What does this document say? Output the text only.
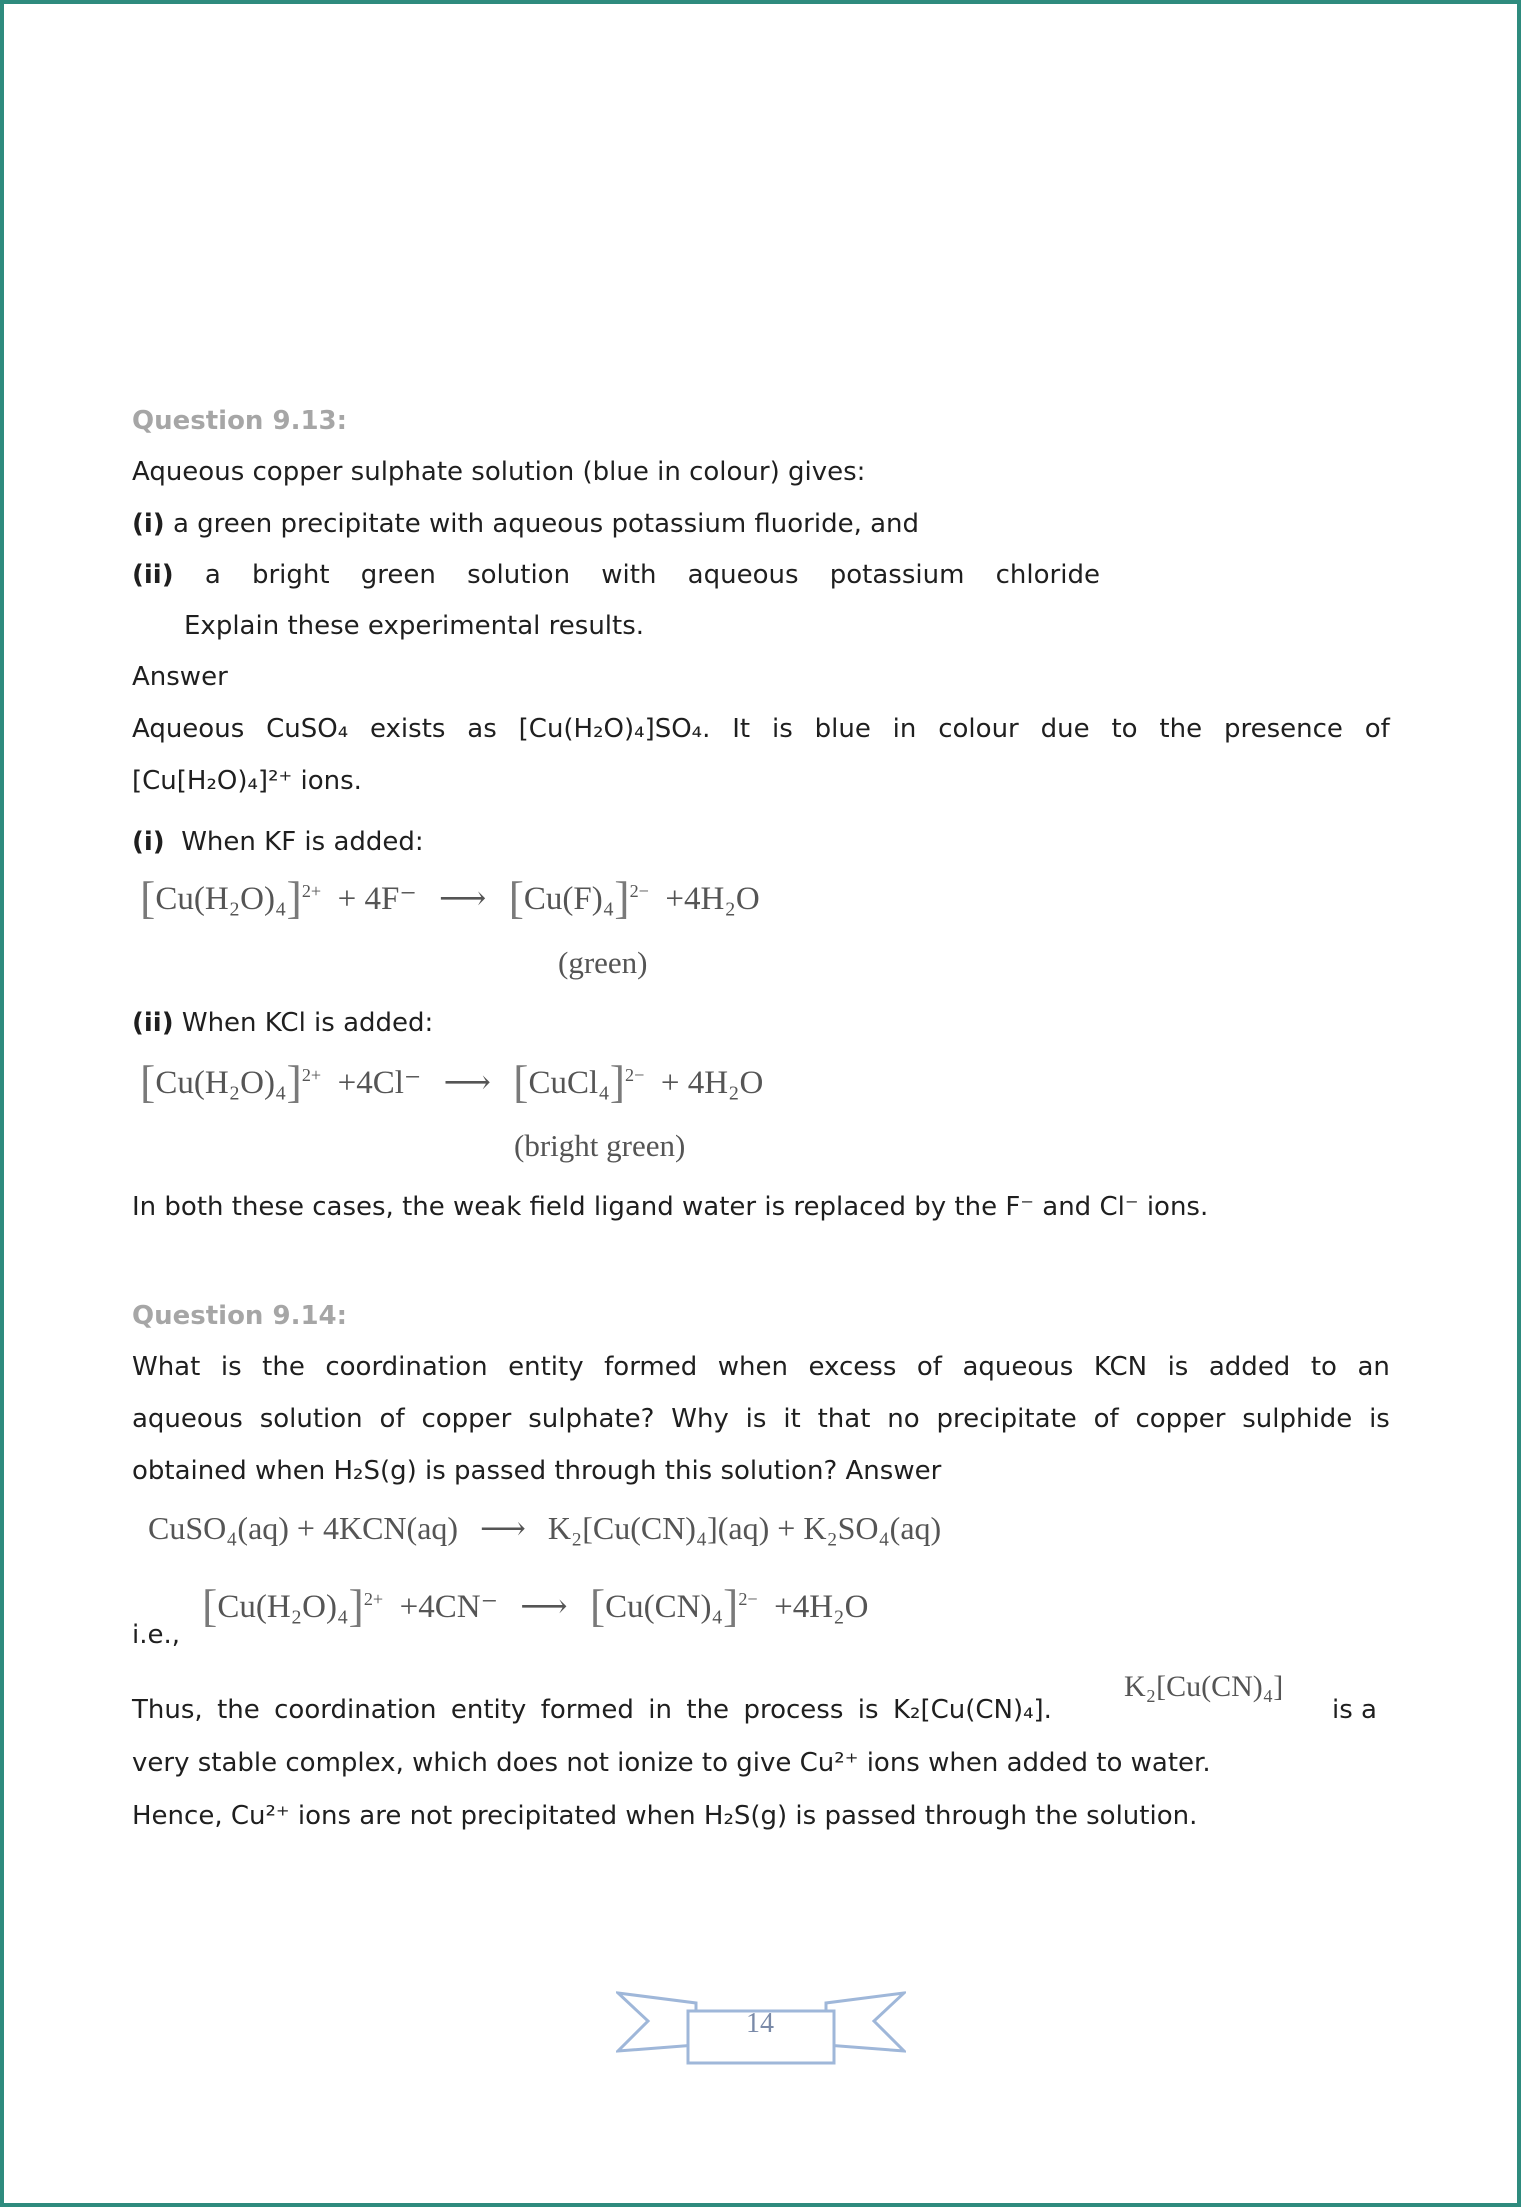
Question 9.13:
Aqueous copper sulphate solution (blue in colour) gives:
(i) a green precipitate with aqueous potassium fluoride, and
(ii) a bright green solution with aqueous potassium chloride
Explain these experimental results.
Answer
Aqueous CuSO₄ exists as [Cu(H₂O)₄]SO₄. It is blue in colour due to the presence of
[Cu[H₂O)₄]²⁺ ions.
(i) When KF is added:
$[Cu(H_2O)_4]^{2+} + 4F^-$ ⟶ $[Cu(F)_4]^{2-} +4H_2O$
(green)
(ii) When KCl is added:
$[Cu(H_2O)_4]^{2+} +4Cl^-$ ⟶ [CuCl₄]$^{2-}$ + 4H₂O
(bright green)
In both these cases, the weak field ligand water is replaced by the F⁻ and Cl⁻ ions.
Question 9.14:
What is the coordination entity formed when excess of aqueous KCN is added to an
aqueous solution of copper sulphate? Why is it that no precipitate of copper sulphide is
obtained when H₂S(g) is passed through this solution? Answer
CuSO₄(aq) + 4KCN(aq) ⟶ K₂[Cu(CN)₄](aq) + K₂SO₄(aq)
i.e.,
$[Cu(H_2O)_4]^{2+} +4CN^-$ ⟶ $[Cu(CN)_4]^{2-} +4H_2O$
Thus, the coordination entity formed in the process is K₂[Cu(CN)₄].
K₂[Cu(CN)₄]
is a
very stable complex, which does not ionize to give Cu²⁺ ions when added to water.
Hence, Cu²⁺ ions are not precipitated when H₂S(g) is passed through the solution.
14
